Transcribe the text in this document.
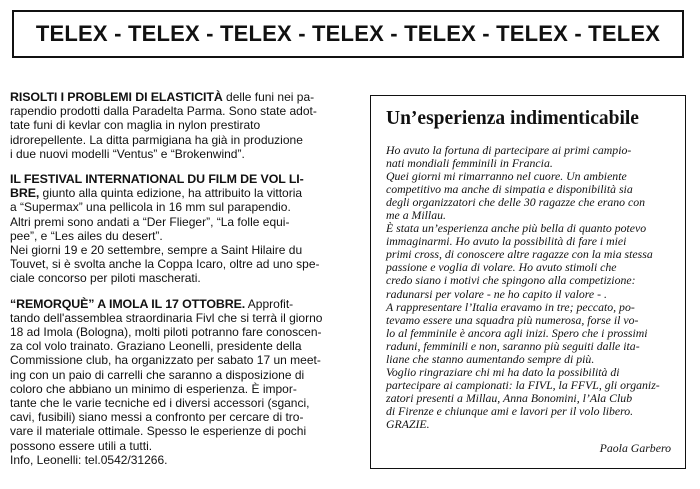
TELEX - TELEX - TELEX - TELEX - TELEX - TELEX - TELEX
RISOLTI I PROBLEMI DI ELASTICITÀ delle funi nei pa-
rapendio prodotti dalla Paradelta Parma. Sono state adot-
tate funi di kevlar con maglia in nylon prestirato
idrorepellente. La ditta parmigiana ha già in produzione
i due nuovi modelli “Ventus” e “Brokenwind”.
IL FESTIVAL INTERNATIONAL DU FILM DE VOL LI-
BRE, giunto alla quinta edizione, ha attribuito la vittoria
a “Supermax” una pellicola in 16 mm sul parapendio.
Altri premi sono andati a “Der Flieger”, “La folle equi-
pee”, e “Les ailes du desert”.
Nei giorni 19 e 20 settembre, sempre a Saint Hilaire du
Touvet, si è svolta anche la Coppa Icaro, oltre ad uno spe-
ciale concorso per piloti mascherati.
“REMORQUÈ” A IMOLA IL 17 OTTOBRE. Approfit-
tando dell'assemblea straordinaria Fivl che si terrà il giorno
18 ad Imola (Bologna), molti piloti potranno fare conoscen-
za col volo trainato. Graziano Leonelli, presidente della
Commissione club, ha organizzato per sabato 17 un meet-
ing con un paio di carrelli che saranno a disposizione di
coloro che abbiano un minimo di esperienza. È impor-
tante che le varie tecniche ed i diversi accessori (sganci,
cavi, fusibili) siano messi a confronto per cercare di tro-
vare il materiale ottimale. Spesso le esperienze di pochi
possono essere utili a tutti.
Info, Leonelli: tel.0542/31266.
Un’esperienza indimenticabile
Ho avuto la fortuna di partecipare ai primi campio-
nati mondiali femminili in Francia.
Quei giorni mi rimarranno nel cuore. Un ambiente
competitivo ma anche di simpatia e disponibilità sia
degli organizzatori che delle 30 ragazze che erano con
me a Millau.
È stata un’esperienza anche più bella di quanto potevo
immaginarmi. Ho avuto la possibilità di fare i miei
primi cross, di conoscere altre ragazze con la mia stessa
passione e voglia di volare. Ho avuto stimoli che
credo siano i motivi che spingono alla competizione:
radunarsi per volare - ne ho capito il valore - .
A rappresentare l’Italia eravamo in tre; peccato, po-
tevamo essere una squadra più numerosa, forse il vo-
lo al femminile è ancora agli inizi. Spero che i prossimi
raduni, femminili e non, saranno più seguiti dalle ita-
liane che stanno aumentando sempre di più.
Voglio ringraziare chi mi ha dato la possibilità di
partecipare ai campionati: la FIVL, la FFVL, gli organiz-
zatori presenti a Millau, Anna Bonomini, l’Ala Club
di Firenze e chiunque ami e lavori per il volo libero.
GRAZIE.
Paola Garbero
